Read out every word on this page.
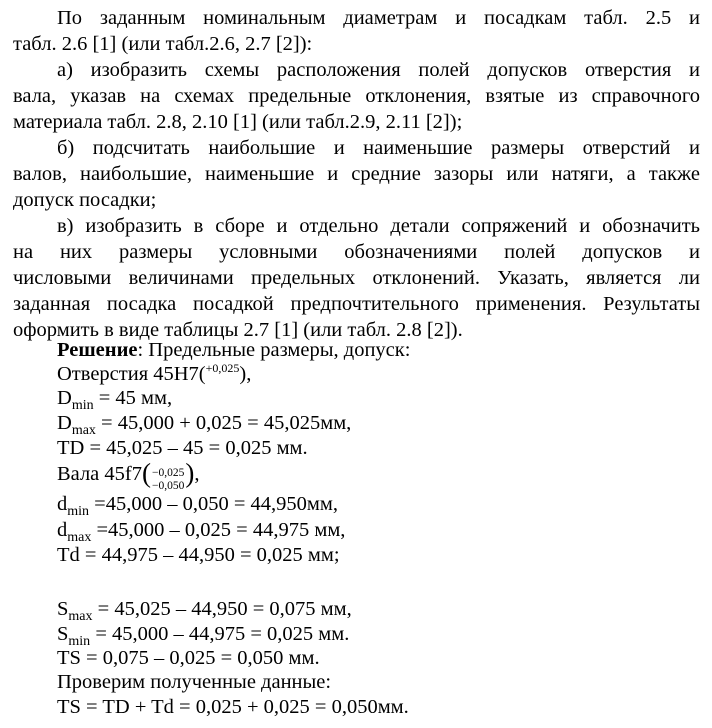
По заданным номинальным диаметрам и посадкам табл. 2.5 и
табл. 2.6 [1] (или табл.2.6, 2.7 [2]):
а) изобразить схемы расположения полей допусков отверстия и
вала, указав на схемах предельные отклонения, взятые из справочного
материала табл. 2.8, 2.10 [1] (или табл.2.9, 2.11 [2]);
б) подсчитать наибольшие и наименьшие размеры отверстий и
валов, наибольшие, наименьшие и средние зазоры или натяги, а также
допуск посадки;
в) изобразить в сборе и отдельно детали сопряжений и обозначить
на них размеры условными обозначениями полей допусков и
числовыми величинами предельных отклонений. Указать, является ли
заданная посадка посадкой предпочтительного применения. Результаты
оформить в виде таблицы 2.7 [1] (или табл. 2.8 [2]).
Решение: Предельные размеры, допуск:
Отверстия 45Н7($^{+0,025}$),
$D_{min} = 45$ мм,
$D_{max} = 45,000 + 0,025 = 45,025мм$,
TD = 45,025 – 45 = 0,025 мм.
Вала 45f7( −0,025
−0,050 ),
$d_{min} =45,000 - 0,050 = 44,950мм$,
$d_{max} =45,000 - 0,025 = 44,975$ мм,
Td = 44,975 – 44,950 = 0,025 мм;
$S_{max} = 45,025 - 44,950 = 0,075$ мм,
$S_{min} = 45,000 - 44,975 = 0,025$ мм.
TS = 0,075 – 0,025 = 0,050 мм.
Проверим полученные данные:
TS = TD + Td = 0,025 + 0,025 = 0,050мм.
